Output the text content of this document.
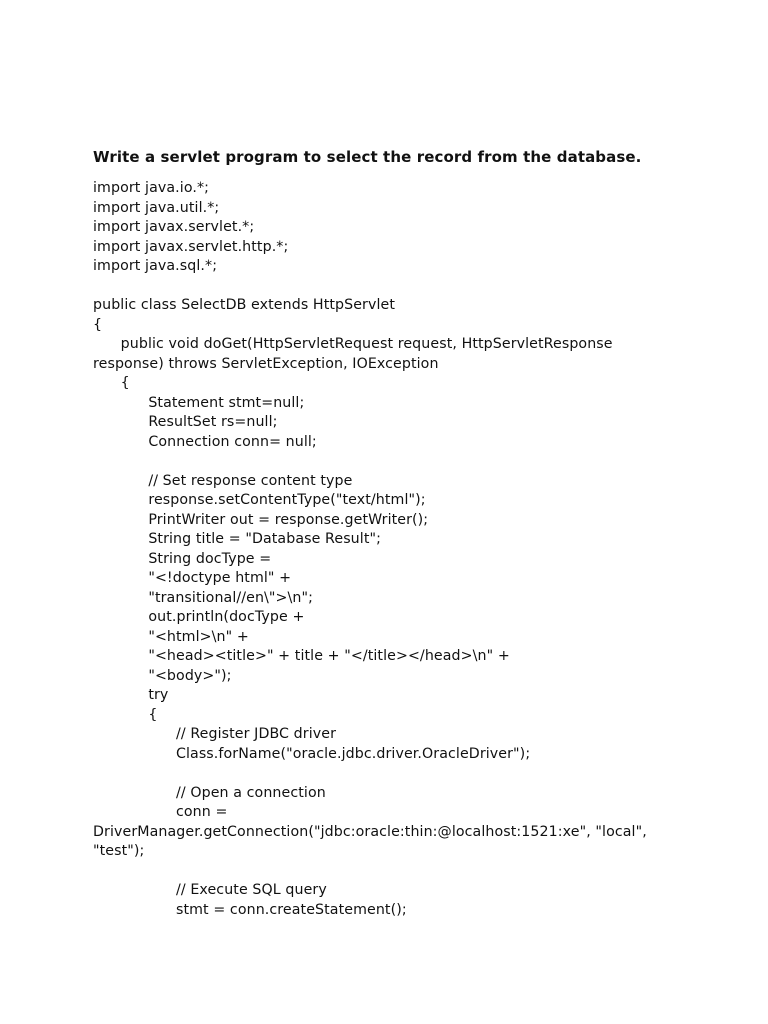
Write a servlet program to select the record from the database.
import java.io.*;
import java.util.*;
import javax.servlet.*;
import javax.servlet.http.*;
import java.sql.*;
public class SelectDB extends HttpServlet
{
public void doGet(HttpServletRequest request, HttpServletResponse
response) throws ServletException, IOException
{
Statement stmt=null;
ResultSet rs=null;
Connection conn= null;
// Set response content type
response.setContentType("text/html");
PrintWriter out = response.getWriter();
String title = "Database Result";
String docType =
"<!doctype html" +
"transitional//en\">\n";
out.println(docType +
"<html>\n" +
"<head><title>" + title + "</title></head>\n" +
"<body>");
try
{
// Register JDBC driver
Class.forName("oracle.jdbc.driver.OracleDriver");
// Open a connection
conn =
DriverManager.getConnection("jdbc:oracle:thin:@localhost:1521:xe", "local",
"test");
// Execute SQL query
stmt = conn.createStatement();
